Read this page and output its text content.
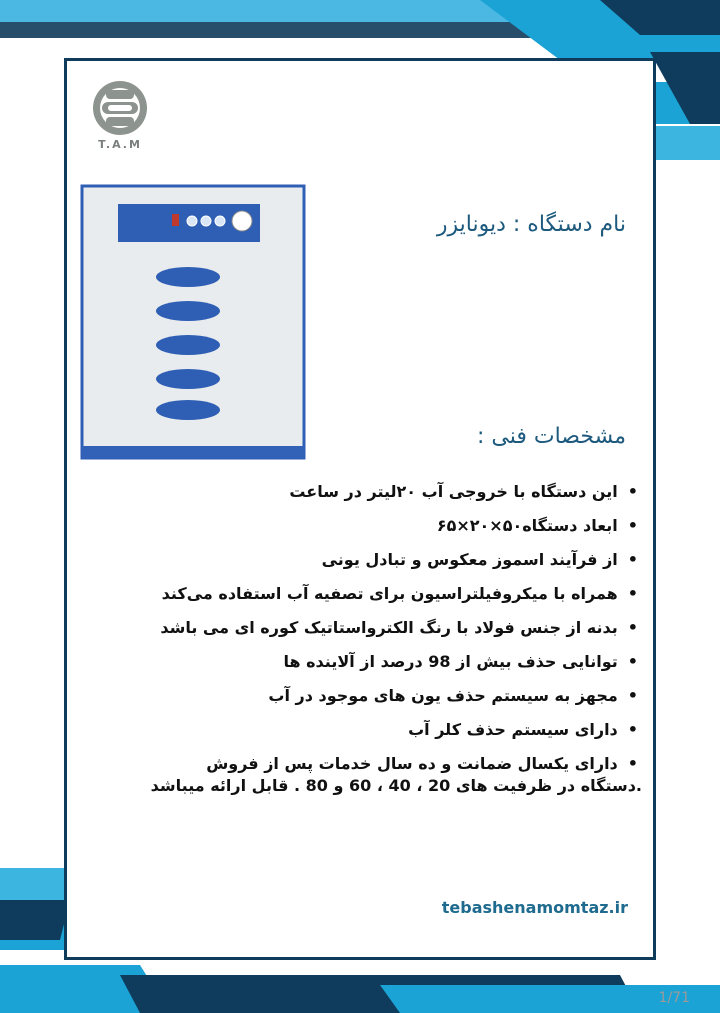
T.A.M
نام دستگاه : دیونایزر
مشخصات فنی :
•این دستگاه با خروجی آب ۲۰لیتر در ساعت
•ابعاد دستگاه۵۰×۲۰×۶۵
•از فرآیند اسموز معکوس و تبادل یونی
•همراه با میکروفیلتراسیون برای تصفیه آب استفاده می‌کند
•بدنه از جنس فولاد با رنگ الکترواستاتیک کوره ای می باشد
•توانایی حذف بیش از 98 درصد از آلاینده ها
•مجهز به سیستم حذف یون های موجود در آب
•دارای سیستم حذف کلر آب
•دارای یکسال ضمانت و ده سال خدمات پس از فروش
.دستگاه در ظرفیت های 20 ، 40 ، 60 و 80 . قابل ارائه میباشد
tebashenamomtaz.ir
1/71
